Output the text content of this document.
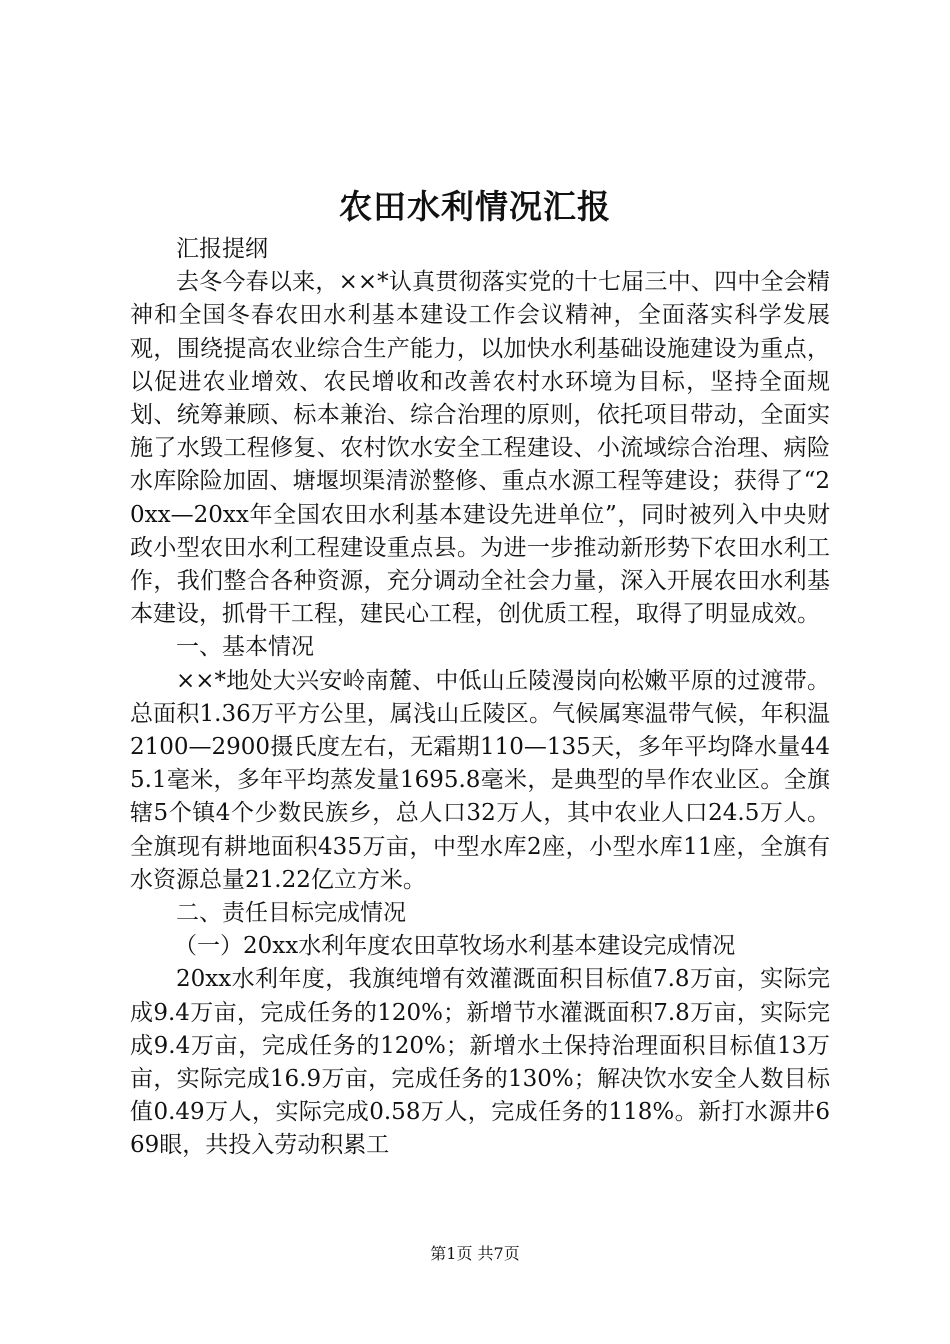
农田水利情况汇报

汇报提纲

去冬今春以来，××*认真贯彻落实党的十七届三中、四中全会精神和全国冬春农田水利基本建设工作会议精神，全面落实科学发展观，围绕提高农业综合生产能力，以加快水利基础设施建设为重点，以促进农业增效、农民增收和改善农村水环境为目标，坚持全面规划、统筹兼顾、标本兼治、综合治理的原则，依托项目带动，全面实施了水毁工程修复、农村饮水安全工程建设、小流域综合治理、病险水库除险加固、塘堰坝渠清淤整修、重点水源工程等建设；获得了“20xx—20xx年全国农田水利基本建设先进单位”，同时被列入中央财政小型农田水利工程建设重点县。为进一步推动新形势下农田水利工作，我们整合各种资源，充分调动全社会力量，深入开展农田水利基本建设，抓骨干工程，建民心工程，创优质工程，取得了明显成效。

一、基本情况

××*地处大兴安岭南麓、中低山丘陵漫岗向松嫩平原的过渡带。总面积1.36万平方公里，属浅山丘陵区。气候属寒温带气候，年积温2100—2900摄氏度左右，无霜期110—135天，多年平均降水量445.1毫米，多年平均蒸发量1695.8毫米，是典型的旱作农业区。全旗辖5个镇4个少数民族乡，总人口32万人，其中农业人口24.5万人。全旗现有耕地面积435万亩，中型水库2座，小型水库11座，全旗有水资源总量21.22亿立方米。

二、责任目标完成情况

（一）20xx水利年度农田草牧场水利基本建设完成情况

20xx水利年度，我旗纯增有效灌溉面积目标值7.8万亩，实际完成9.4万亩，完成任务的120%；新增节水灌溉面积7.8万亩，实际完成9.4万亩，完成任务的120%；新增水土保持治理面积目标值13万亩，实际完成16.9万亩，完成任务的130%；解决饮水安全人数目标值0.49万人，实际完成0.58万人，完成任务的118%。新打水源井669眼，共投入劳动积累工

第1页 共7页
